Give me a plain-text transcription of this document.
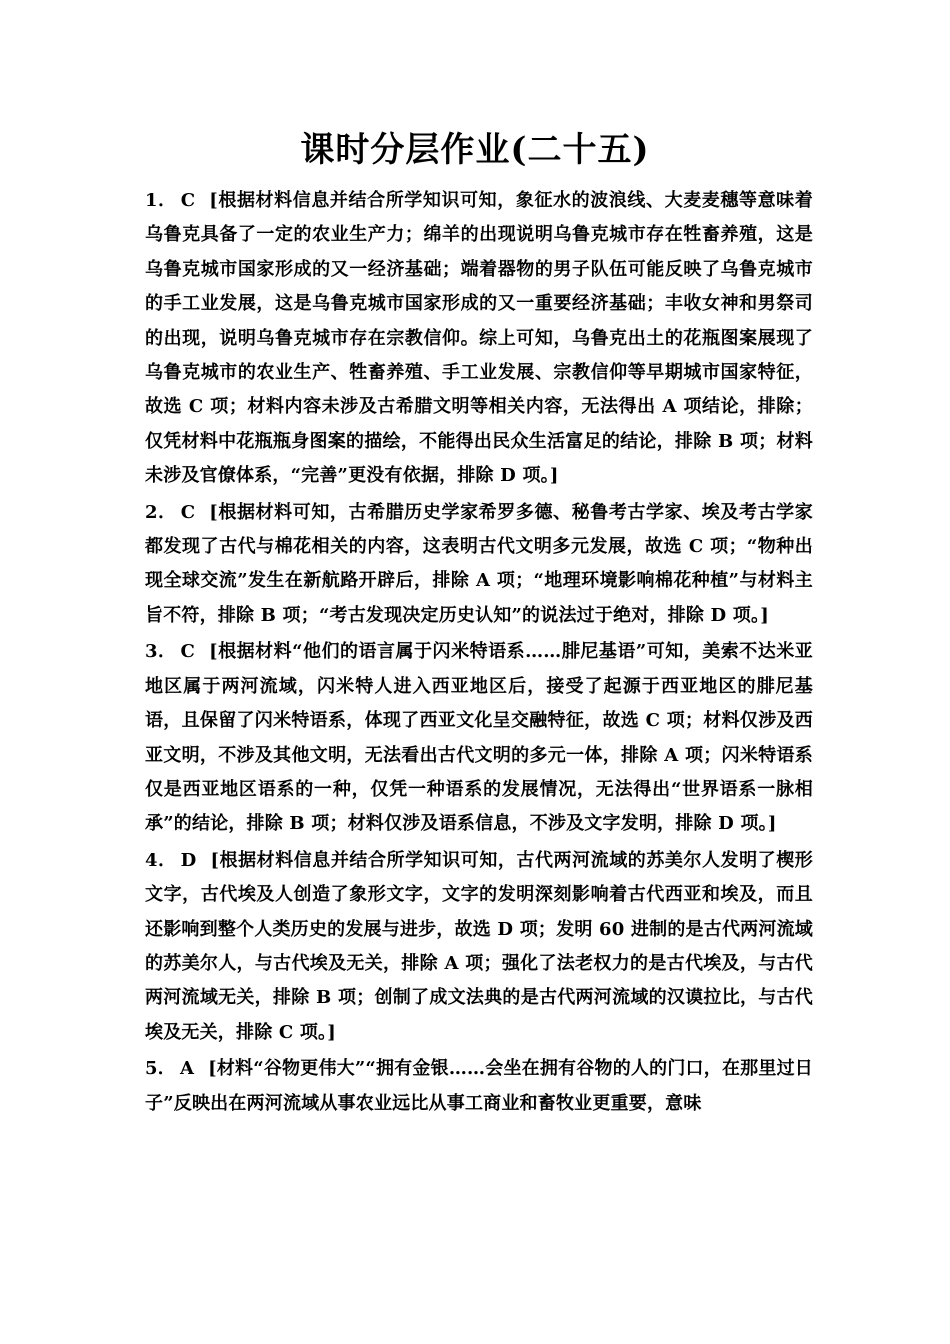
课时分层作业(二十五)

1． C [根据材料信息并结合所学知识可知，象征水的波浪线、大麦麦穗等意味着乌鲁克具备了一定的农业生产力；绵羊的出现说明乌鲁克城市存在牲畜养殖，这是乌鲁克城市国家形成的又一经济基础；端着器物的男子队伍可能反映了乌鲁克城市的手工业发展，这是乌鲁克城市国家形成的又一重要经济基础；丰收女神和男祭司的出现，说明乌鲁克城市存在宗教信仰。综上可知，乌鲁克出土的花瓶图案展现了乌鲁克城市的农业生产、牲畜养殖、手工业发展、宗教信仰等早期城市国家特征，故选 C 项；材料内容未涉及古希腊文明等相关内容，无法得出 A 项结论，排除；仅凭材料中花瓶瓶身图案的描绘，不能得出民众生活富足的结论，排除 B 项；材料未涉及官僚体系，“完善”更没有依据，排除 D 项。]

2． C [根据材料可知，古希腊历史学家希罗多德、秘鲁考古学家、埃及考古学家都发现了古代与棉花相关的内容，这表明古代文明多元发展，故选 C 项；“物种出现全球交流”发生在新航路开辟后，排除 A 项；“地理环境影响棉花种植”与材料主旨不符，排除 B 项；“考古发现决定历史认知”的说法过于绝对，排除 D 项。]

3． C [根据材料“他们的语言属于闪米特语系……腓尼基语”可知，美索不达米亚地区属于两河流域，闪米特人进入西亚地区后，接受了起源于西亚地区的腓尼基语，且保留了闪米特语系，体现了西亚文化呈交融特征，故选 C 项；材料仅涉及西亚文明，不涉及其他文明，无法看出古代文明的多元一体，排除 A 项；闪米特语系仅是西亚地区语系的一种，仅凭一种语系的发展情况，无法得出“世界语系一脉相承”的结论，排除 B 项；材料仅涉及语系信息，不涉及文字发明，排除 D 项。]

4． D [根据材料信息并结合所学知识可知，古代两河流域的苏美尔人发明了楔形文字，古代埃及人创造了象形文字，文字的发明深刻影响着古代西亚和埃及，而且还影响到整个人类历史的发展与进步，故选 D 项；发明 60 进制的是古代两河流域的苏美尔人，与古代埃及无关，排除 A 项；强化了法老权力的是古代埃及，与古代两河流域无关，排除 B 项；创制了成文法典的是古代两河流域的汉谟拉比，与古代埃及无关，排除 C 项。]

5． A [材料“谷物更伟大”“拥有金银……会坐在拥有谷物的人的门口，在那里过日子”反映出在两河流域从事农业远比从事工商业和畜牧业更重要，意味
